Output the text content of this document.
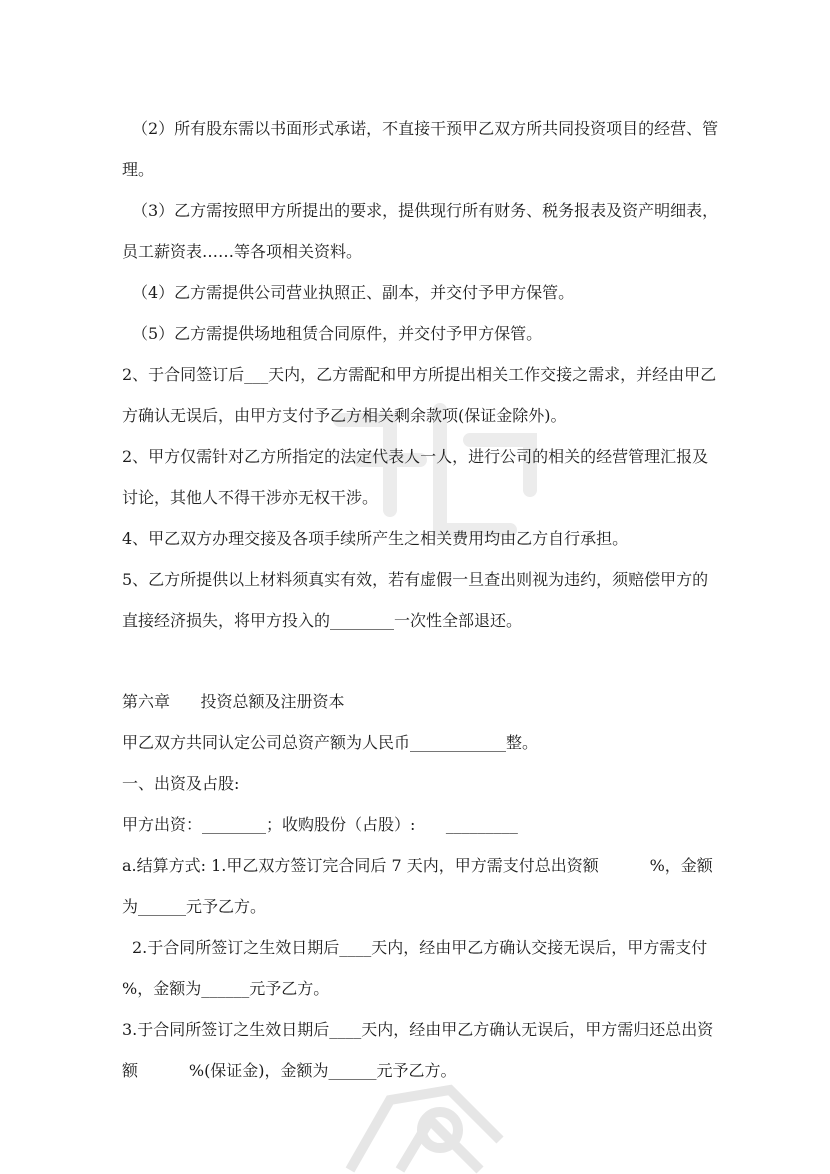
（2）所有股东需以书面形式承诺，不直接干预甲乙双方所共同投资项目的经营、管理。

（3）乙方需按照甲方所提出的要求，提供现行所有财务、税务报表及资产明细表，员工薪资表……等各项相关资料。

（4）乙方需提供公司营业执照正、副本，并交付予甲方保管。

（5）乙方需提供场地租赁合同原件，并交付予甲方保管。

2、于合同签订后___天内，乙方需配和甲方所提出相关工作交接之需求，并经由甲乙方确认无误后，由甲方支付予乙方相关剩余款项(保证金除外)。

2、甲方仅需针对乙方所指定的法定代表人一人，进行公司的相关的经营管理汇报及讨论，其他人不得干涉亦无权干涉。

4、甲乙双方办理交接及各项手续所产生之相关费用均由乙方自行承担。

5、乙方所提供以上材料须真实有效，若有虚假一旦查出则视为违约，须赔偿甲方的直接经济损失，将甲方投入的________一次性全部退还。

第六章 投资总额及注册资本

甲乙双方共同认定公司总资产额为人民币____________整。

一、出资及占股:

甲方出资：________；收购股份（占股）:      _________

a.结算方式: 1.甲乙双方签订完合同后 7 天内，甲方需支付总出资额          %，金额为______元予乙方。

2.于合同所签订之生效日期后____天内，经由甲乙方确认交接无误后，甲方需支付      %，金额为______元予乙方。

3.于合同所签订之生效日期后____天内，经由甲乙方确认无误后，甲方需归还总出资额          %(保证金)，金额为______元予乙方。
